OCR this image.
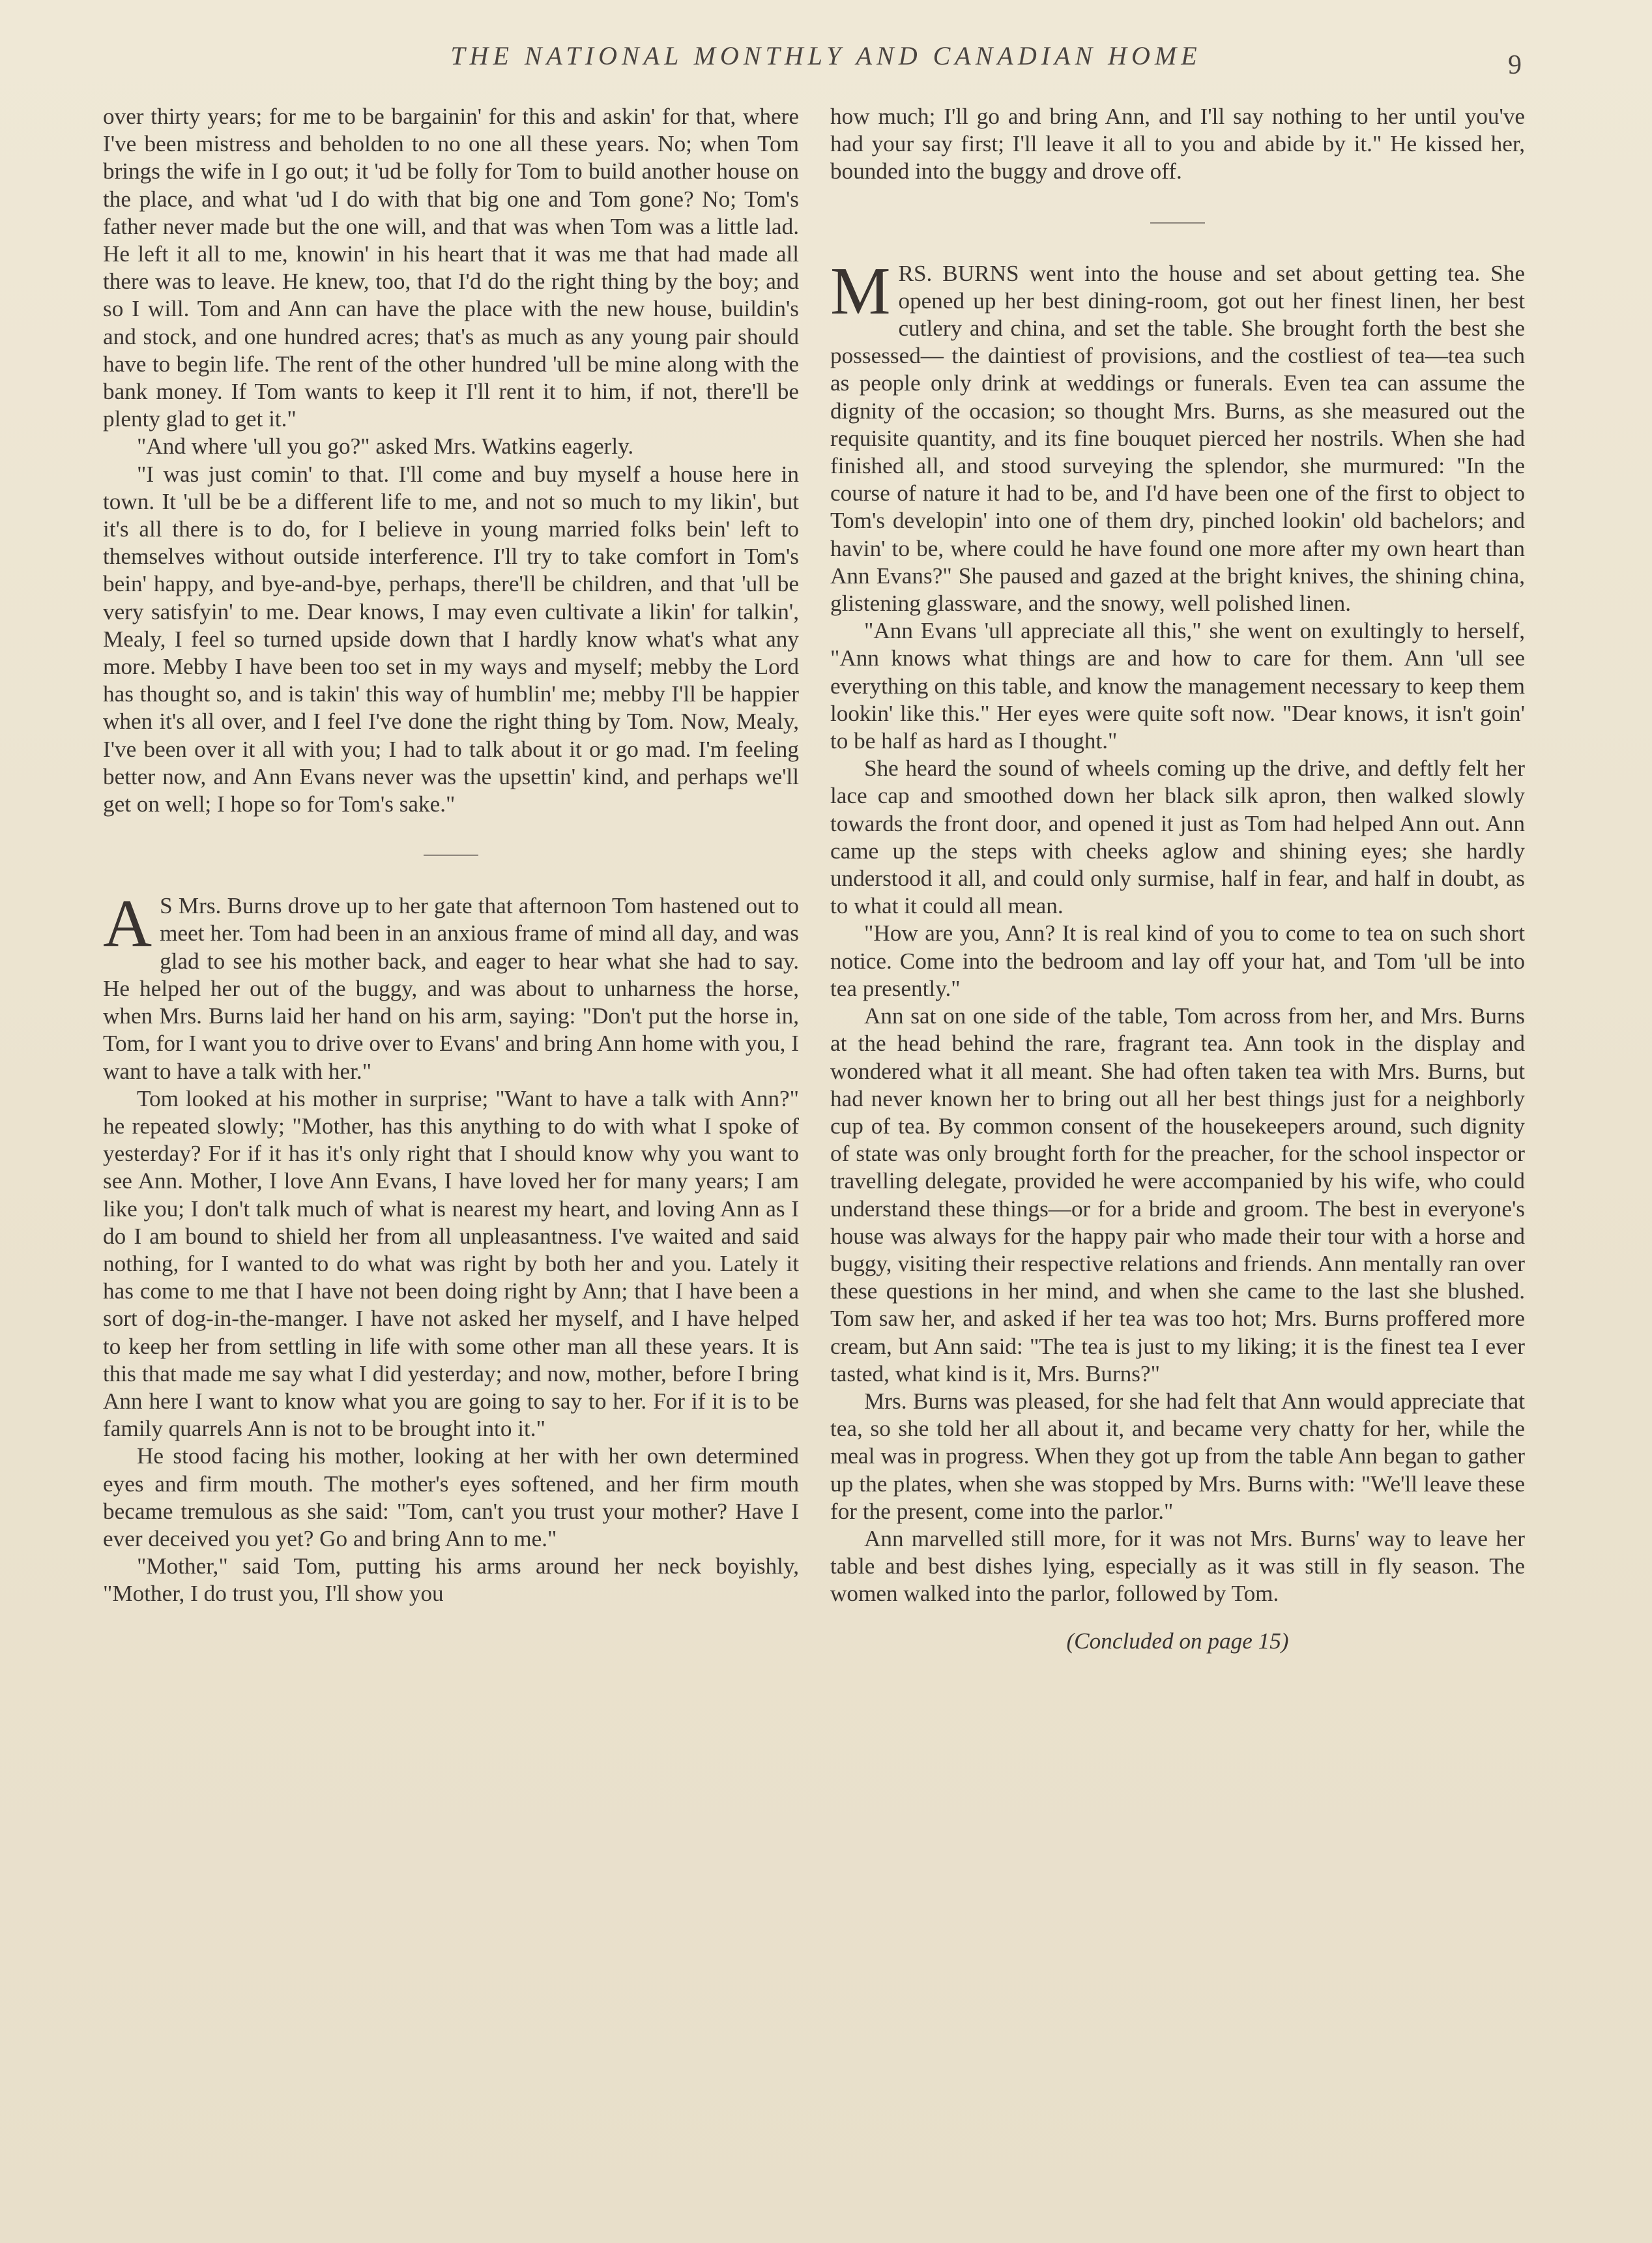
THE NATIONAL MONTHLY AND CANADIAN HOME	9

over thirty years; for me to be bargainin' for this and askin' for that, where I've been mistress and beholden to no one all these years. No; when Tom brings the wife in I go out; it 'ud be folly for Tom to build another house on the place, and what 'ud I do with that big one and Tom gone? No; Tom's father never made but the one will, and that was when Tom was a little lad. He left it all to me, knowin' in his heart that it was me that had made all there was to leave. He knew, too, that I'd do the right thing by the boy; and so I will. Tom and Ann can have the place with the new house, buildin's and stock, and one hundred acres; that's as much as any young pair should have to begin life. The rent of the other hundred 'ull be mine along with the bank money. If Tom wants to keep it I'll rent it to him, if not, there'll be plenty glad to get it."

"And where 'ull you go?" asked Mrs. Watkins eagerly.

"I was just comin' to that. I'll come and buy myself a house here in town. It 'ull be be a different life to me, and not so much to my likin', but it's all there is to do, for I believe in young married folks bein' left to themselves without outside interference. I'll try to take comfort in Tom's bein' happy, and bye-and-bye, perhaps, there'll be children, and that 'ull be very satisfyin' to me. Dear knows, I may even cultivate a likin' for talkin', Mealy, I feel so turned upside down that I hardly know what's what any more. Mebby I have been too set in my ways and myself; mebby the Lord has thought so, and is takin' this way of humblin' me; mebby I'll be happier when it's all over, and I feel I've done the right thing by Tom. Now, Mealy, I've been over it all with you; I had to talk about it or go mad. I'm feeling better now, and Ann Evans never was the upsettin' kind, and perhaps we'll get on well; I hope so for Tom's sake."

A S Mrs. Burns drove up to her gate that afternoon Tom hastened out to meet her. Tom had been in an anxious frame of mind all day, and was glad to see his mother back, and eager to hear what she had to say. He helped her out of the buggy, and was about to unharness the horse, when Mrs. Burns laid her hand on his arm, saying: "Don't put the horse in, Tom, for I want you to drive over to Evans' and bring Ann home with you, I want to have a talk with her."

Tom looked at his mother in surprise; "Want to have a talk with Ann?" he repeated slowly; "Mother, has this anything to do with what I spoke of yesterday? For if it has it's only right that I should know why you want to see Ann. Mother, I love Ann Evans, I have loved her for many years; I am like you; I don't talk much of what is nearest my heart, and loving Ann as I do I am bound to shield her from all unpleasantness. I've waited and said nothing, for I wanted to do what was right by both her and you. Lately it has come to me that I have not been doing right by Ann; that I have been a sort of dog-in-the-manger. I have not asked her myself, and I have helped to keep her from settling in life with some other man all these years. It is this that made me say what I did yesterday; and now, mother, before I bring Ann here I want to know what you are going to say to her. For if it is to be family quarrels Ann is not to be brought into it."

He stood facing his mother, looking at her with her own determined eyes and firm mouth. The mother's eyes softened, and her firm mouth became tremulous as she said: "Tom, can't you trust your mother? Have I ever deceived you yet? Go and bring Ann to me."

"Mother," said Tom, putting his arms around her neck boyishly, "Mother, I do trust you, I'll show you

how much; I'll go and bring Ann, and I'll say nothing to her until you've had your say first; I'll leave it all to you and abide by it." He kissed her, bounded into the buggy and drove off.

MRS. BURNS went into the house and set about getting tea. She opened up her best dining-room, got out her finest linen, her best cutlery and china, and set the table. She brought forth the best she possessed— the daintiest of provisions, and the costliest of tea—tea such as people only drink at weddings or funerals. Even tea can assume the dignity of the occasion; so thought Mrs. Burns, as she measured out the requisite quantity, and its fine bouquet pierced her nostrils. When she had finished all, and stood surveying the splendor, she murmured: "In the course of nature it had to be, and I'd have been one of the first to object to Tom's developin' into one of them dry, pinched lookin' old bachelors; and havin' to be, where could he have found one more after my own heart than Ann Evans?" She paused and gazed at the bright knives, the shining china, glistening glassware, and the snowy, well polished linen.

"Ann Evans 'ull appreciate all this," she went on exultingly to herself, "Ann knows what things are and how to care for them. Ann 'ull see everything on this table, and know the management necessary to keep them lookin' like this." Her eyes were quite soft now. "Dear knows, it isn't goin' to be half as hard as I thought."

She heard the sound of wheels coming up the drive, and deftly felt her lace cap and smoothed down her black silk apron, then walked slowly towards the front door, and opened it just as Tom had helped Ann out. Ann came up the steps with cheeks aglow and shining eyes; she hardly understood it all, and could only surmise, half in fear, and half in doubt, as to what it could all mean.

"How are you, Ann? It is real kind of you to come to tea on such short notice. Come into the bedroom and lay off your hat, and Tom 'ull be into tea presently."

Ann sat on one side of the table, Tom across from her, and Mrs. Burns at the head behind the rare, fragrant tea. Ann took in the display and wondered what it all meant. She had often taken tea with Mrs. Burns, but had never known her to bring out all her best things just for a neighborly cup of tea. By common consent of the housekeepers around, such dignity of state was only brought forth for the preacher, for the school inspector or travelling delegate, provided he were accompanied by his wife, who could understand these things—or for a bride and groom. The best in everyone's house was always for the happy pair who made their tour with a horse and buggy, visiting their respective relations and friends. Ann mentally ran over these questions in her mind, and when she came to the last she blushed. Tom saw her, and asked if her tea was too hot; Mrs. Burns proffered more cream, but Ann said: "The tea is just to my liking; it is the finest tea I ever tasted, what kind is it, Mrs. Burns?"

Mrs. Burns was pleased, for she had felt that Ann would appreciate that tea, so she told her all about it, and became very chatty for her, while the meal was in progress. When they got up from the table Ann began to gather up the plates, when she was stopped by Mrs. Burns with: "We'll leave these for the present, come into the parlor."

Ann marvelled still more, for it was not Mrs. Burns' way to leave her table and best dishes lying, especially as it was still in fly season. The women walked into the parlor, followed by Tom.

(Concluded on page 15)
